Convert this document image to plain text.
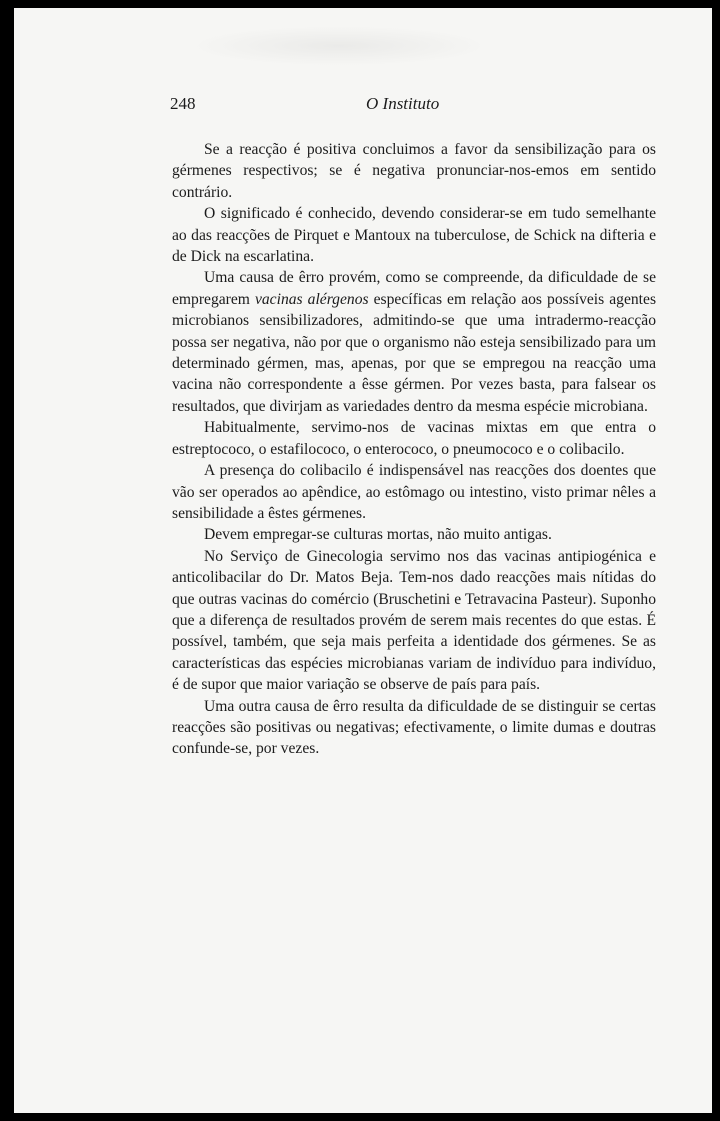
248	O Instituto

Se a reacção é positiva concluimos a favor da sensibilização para os gérmenes respectivos; se é negativa pronunciar-nos-emos em sentido contrário.

O significado é conhecido, devendo considerar-se em tudo semelhante ao das reacções de Pirquet e Mantoux na tuberculose, de Schick na difteria e de Dick na escarlatina.

Uma causa de êrro provém, como se compreende, da dificuldade de se empregarem vacinas alérgenos específicas em relação aos possíveis agentes microbianos sensibilizadores, admitindo-se que uma intradermo-reacção possa ser negativa, não por que o organismo não esteja sensibilizado para um determinado gérmen, mas, apenas, por que se empregou na reacção uma vacina não correspondente a êsse gérmen. Por vezes basta, para falsear os resultados, que divirjam as variedades dentro da mesma espécie microbiana.

Habitualmente, servimo-nos de vacinas mixtas em que entra o estreptococo, o estafilococo, o enterococo, o pneumococo e o colibacilo.

A presença do colibacilo é indispensável nas reacções dos doentes que vão ser operados ao apêndice, ao estômago ou intestino, visto primar nêles a sensibilidade a êstes gérmenes.

Devem empregar-se culturas mortas, não muito antigas.

No Serviço de Ginecologia servimo nos das vacinas antipiogénica e anticolibacilar do Dr. Matos Beja. Tem-nos dado reacções mais nítidas do que outras vacinas do comércio (Bruschetini e Tetravacina Pasteur). Suponho que a diferença de resultados provém de serem mais recentes do que estas. É possível, também, que seja mais perfeita a identidade dos gérmenes. Se as características das espécies microbianas variam de indivíduo para indivíduo, é de supor que maior variação se observe de país para país.

Uma outra causa de êrro resulta da dificuldade de se distinguir se certas reacções são positivas ou negativas; efectivamente, o limite dumas e doutras confunde-se, por vezes.
